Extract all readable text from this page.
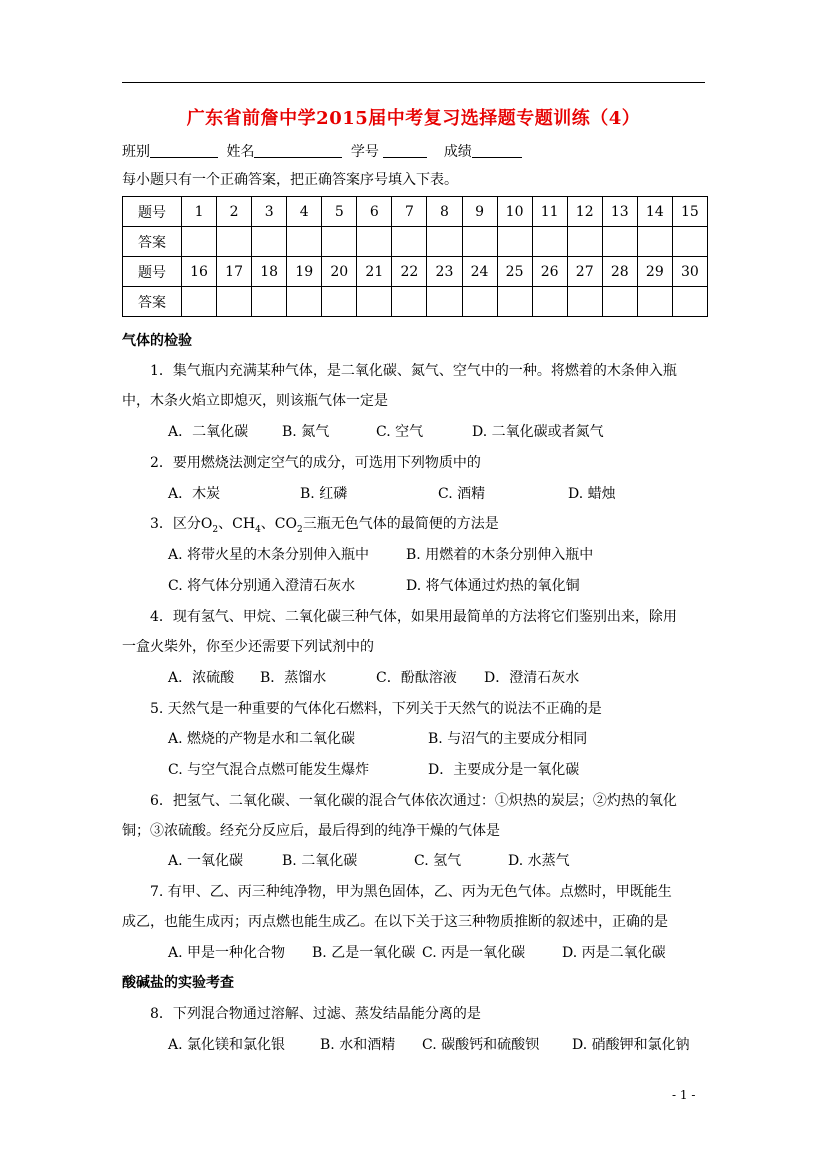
广东省前詹中学2015届中考复习选择题专题训练（4）
班别	姓名	学号	成绩
每小题只有一个正确答案，把正确答案序号填入下表。
题号	1	2	3	4	5	6	7	8	9	10	11	12	13	14	15
答案															
题号	16	17	18	19	20	21	22	23	24	25	26	27	28	29	30
答案															
气体的检验
1．集气瓶内充满某种气体，是二氧化碳、氮气、空气中的一种。将燃着的木条伸入瓶
中，木条火焰立即熄灭，则该瓶气体一定是
A．二氧化碳	B. 氮气	C. 空气	D. 二氧化碳或者氮气
2．要用燃烧法测定空气的成分，可选用下列物质中的
A．木炭	B. 红磷	C. 酒精	D. 蜡烛
3．区分$O_2$、$CH_4$、$CO_2$三瓶无色气体的最简便的方法是
A. 将带火星的木条分别伸入瓶中	B. 用燃着的木条分别伸入瓶中
C. 将气体分别通入澄清石灰水	D. 将气体通过灼热的氧化铜
4．现有氢气、甲烷、二氧化碳三种气体，如果用最简单的方法将它们鉴别出来，除用
一盒火柴外，你至少还需要下列试剂中的
A．浓硫酸	B．蒸馏水	C．酚酞溶液	D．澄清石灰水
5. 天然气是一种重要的气体化石燃料，下列关于天然气的说法不正确的是
A. 燃烧的产物是水和二氧化碳	B. 与沼气的主要成分相同
C. 与空气混合点燃可能发生爆炸	D．主要成分是一氧化碳
6．把氢气、二氧化碳、一氧化碳的混合气体依次通过：①炽热的炭层；②灼热的氧化
铜；③浓硫酸。经充分反应后，最后得到的纯净干燥的气体是
A. 一氧化碳	B. 二氧化碳	C. 氢气	D. 水蒸气
7. 有甲、乙、丙三种纯净物，甲为黑色固体，乙、丙为无色气体。点燃时，甲既能生
成乙，也能生成丙；丙点燃也能生成乙。在以下关于这三种物质推断的叙述中，正确的是
A. 甲是一种化合物	B. 乙是一氧化碳 C. 丙是一氧化碳	D. 丙是二氧化碳
酸碱盐的实验考查
8．下列混合物通过溶解、过滤、蒸发结晶能分离的是
A. 氯化镁和氯化银	B. 水和酒精	C. 碳酸钙和硫酸钡	D. 硝酸钾和氯化钠
- 1 -
